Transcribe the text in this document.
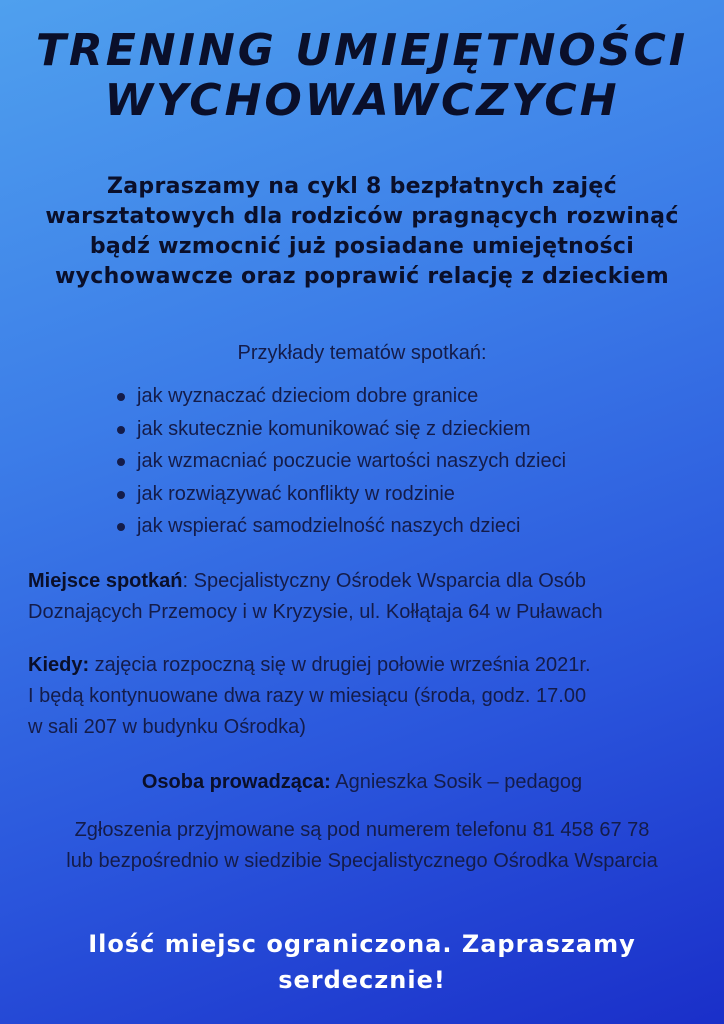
TRENING UMIEJĘTNOŚCI
WYCHOWAWCZYCH
Zapraszamy na cykl 8 bezpłatnych zajęć
warsztatowych dla rodziców pragnących rozwinąć
bądź wzmocnić już posiadane umiejętności
wychowawcze oraz poprawić relację z dzieckiem
Przykłady tematów spotkań:
jak wyznaczać dzieciom dobre granice
jak skutecznie komunikować się z dzieckiem
jak wzmacniać poczucie wartości naszych dzieci
jak rozwiązywać konflikty w rodzinie
jak wspierać samodzielność naszych dzieci
Miejsce spotkań: Specjalistyczny Ośrodek Wsparcia dla Osób
Doznających Przemocy i w Kryzysie, ul. Kołłątaja 64 w Puławach
Kiedy: zajęcia rozpoczną się w drugiej połowie września 2021r.
I będą kontynuowane dwa razy w miesiącu (środa, godz. 17.00
w sali 207 w budynku Ośrodka)
Osoba prowadząca: Agnieszka Sosik – pedagog
Zgłoszenia przyjmowane są pod numerem telefonu 81 458 67 78
lub bezpośrednio w siedzibie Specjalistycznego Ośrodka Wsparcia
Ilość miejsc ograniczona. Zapraszamy
serdecznie!
